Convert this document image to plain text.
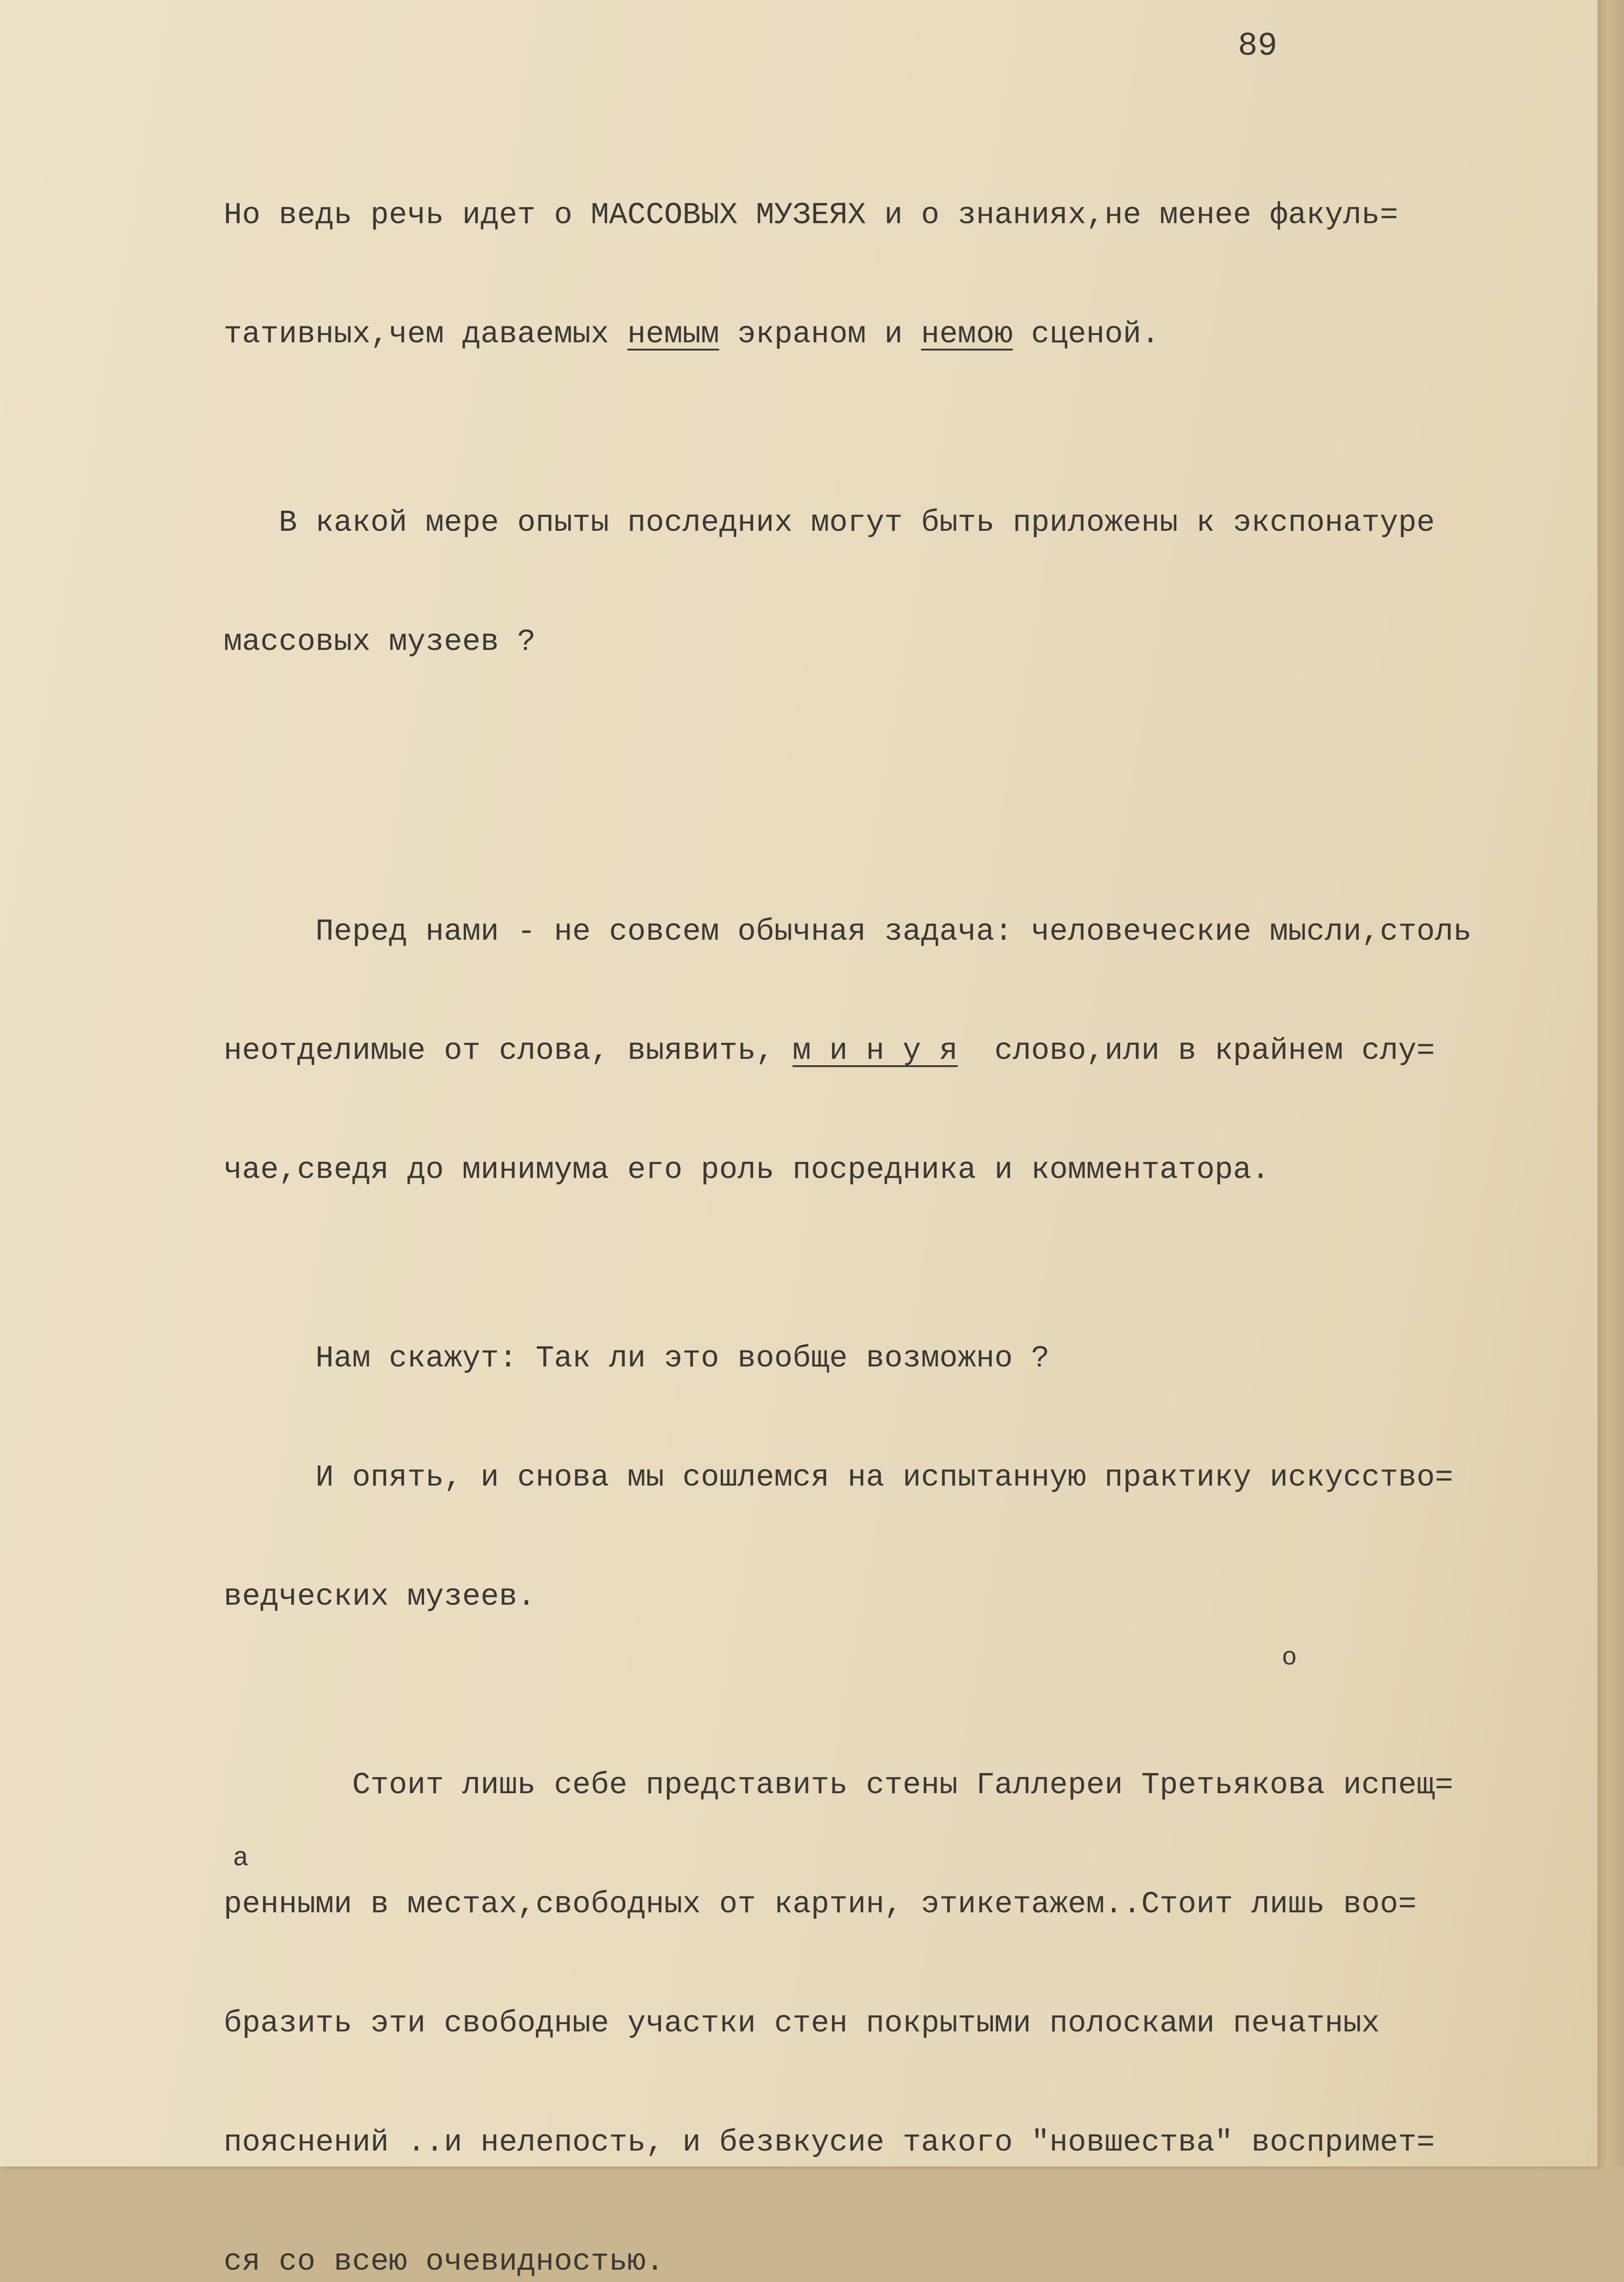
89

Но ведь речь идет о МАССОВЫХ МУЗЕЯХ и о знаниях,не менее факуль=

тативных,чем даваемых немым экраном и немою сценой.

В какой мере опыты последних могут быть приложены к экспонатуре

массовых музеев ?

Перед нами - не совсем обычная задача: человеческие мысли,столь

неотделимые от слова, выявить, м и н у я  слово,или в крайнем слу=

чае,сведя до минимума его роль посредника и комментатора.

Нам скажут: Так ли это вообще возможно ?

И опять, и снова мы сошлемся на испытанную практику искусство=

ведческих музеев.

Стоит лишь себе представить стены Галлереи Третьякова испещ=

ренными в местах,свободных от картин, этикетажем..Стоит лишь воо=

бразить эти свободные участки стен покрытыми полосками печатных

пояснений ..и нелепость, и безвкусие такого "новшества" воспримет=

ся со всею очевидностью.

о
а
